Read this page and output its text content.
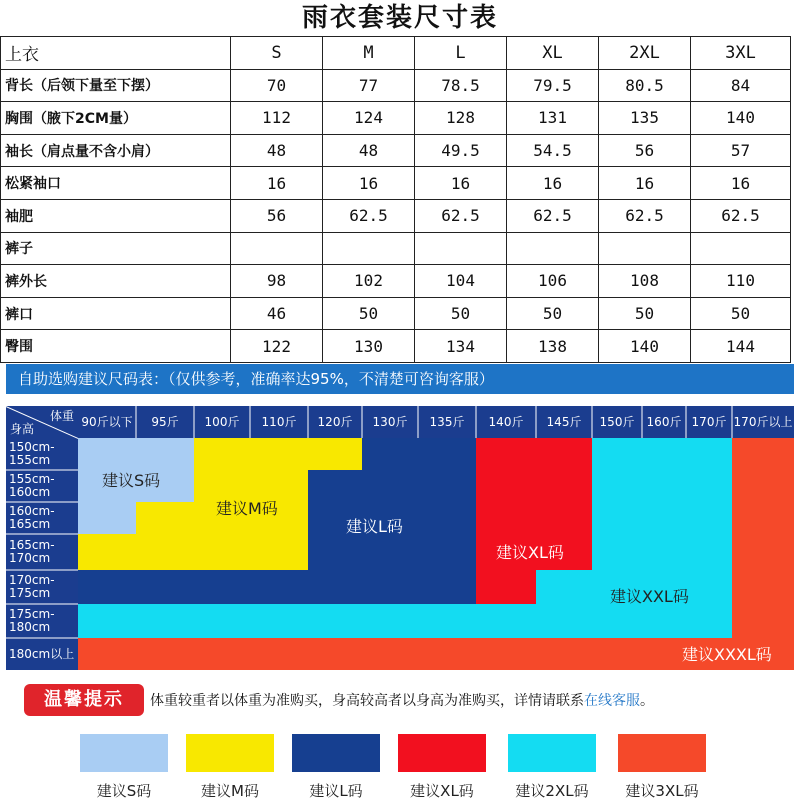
雨衣套装尺寸表
上衣	S	M	L	XL	2XL	3XL
背长（后领下量至下摆）	70	77	78.5	79.5	80.5	84
胸围（腋下2CM量）	112	124	128	131	135	140
袖长（肩点量不含小肩）	48	48	49.5	54.5	56	57
松紧袖口	16	16	16	16	16	16
袖肥	56	62.5	62.5	62.5	62.5	62.5
裤子						
裤外长	98	102	104	106	108	110
裤口	46	50	50	50	50	50
臀围	122	130	134	138	140	144
自助选购建议尺码表：（仅供参考，准确率达95%，不清楚可咨询客服）
体重
身高	90斤以下	95斤	100斤	110斤	120斤	130斤	135斤	140斤	145斤	150斤	160斤 170斤 170斤以上
150cm-155cm
155cm-160cm
160cm-165cm
165cm-170cm
170cm-175cm
175cm-180cm
180cm以上
建议S码
建议M码
建议L码
建议XL码
建议XXL码
建议XXXL码
温馨提示	体重较重者以体重为准购买，身高较高者以身高为准购买，详情请联系在线客服。
建议S码	建议M码	建议L码	建议XL码	建议2XL码	建议3XL码
